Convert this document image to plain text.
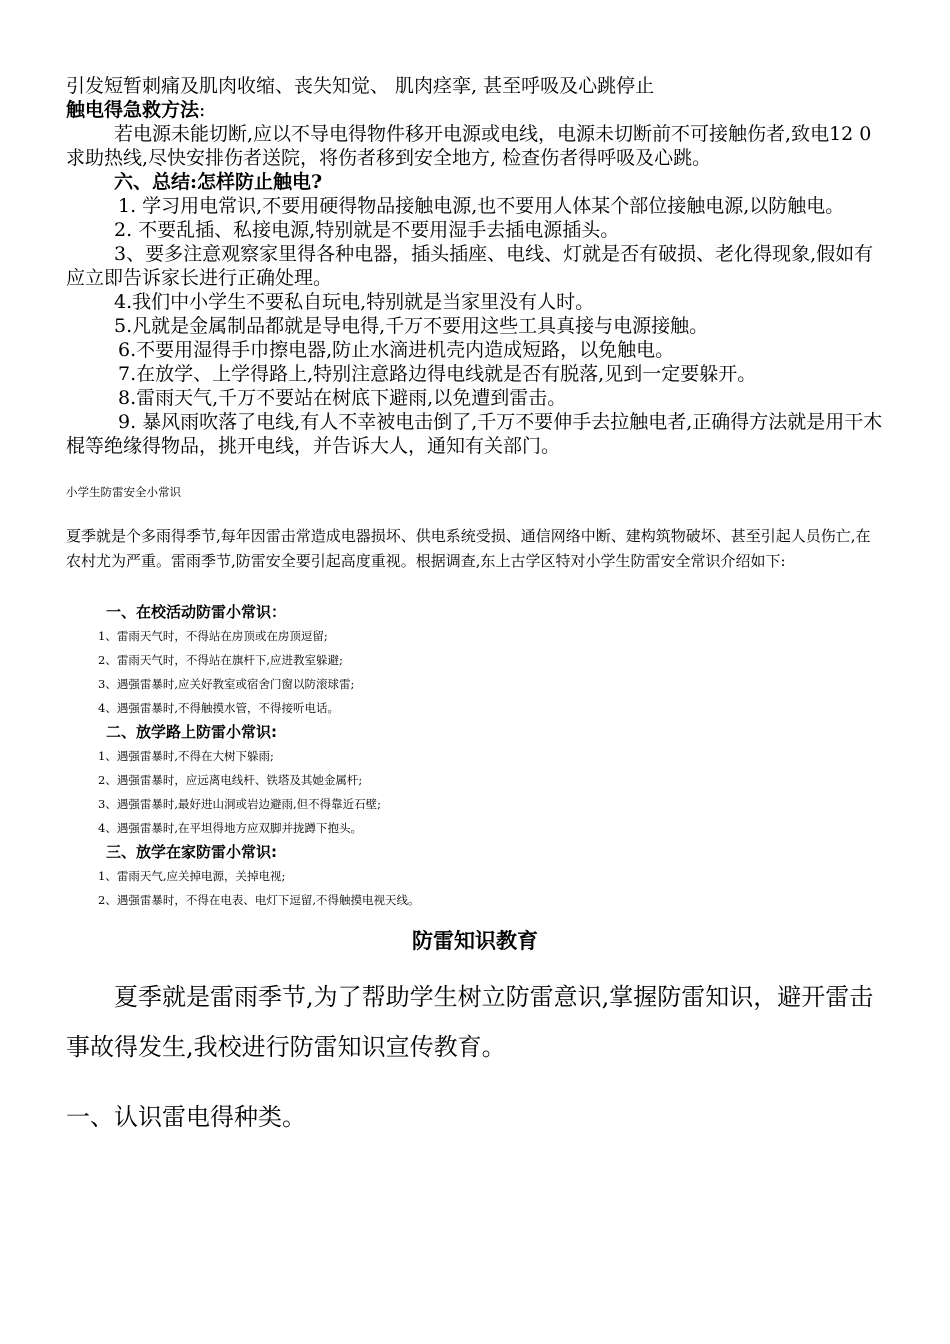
引发短暂刺痛及肌肉收缩、丧失知觉、 肌肉痉挛, 甚至呼吸及心跳停止

触电得急救方法:

若电源未能切断,应以不导电得物件移开电源或电线，电源未切断前不可接触伤者,致电12 0求助热线,尽快安排伤者送院，将伤者移到安全地方, 检查伤者得呼吸及心跳。

六、总结:怎样防止触电?

1. 学习用电常识,不要用硬得物品接触电源,也不要用人体某个部位接触电源,以防触电。

2. 不要乱插、私接电源,特别就是不要用湿手去插电源插头。

3、要多注意观察家里得各种电器，插头插座、电线、灯就是否有破损、老化得现象,假如有应立即告诉家长进行正确处理。

4.我们中小学生不要私自玩电,特别就是当家里没有人时。

5.凡就是金属制品都就是导电得,千万不要用这些工具真接与电源接触。

6.不要用湿得手巾擦电器,防止水滴进机壳内造成短路，以免触电。

7.在放学、上学得路上,特别注意路边得电线就是否有脱落,见到一定要躲开。

8.雷雨天气,千万不要站在树底下避雨,以免遭到雷击。

9. 暴风雨吹落了电线,有人不幸被电击倒了,千万不要伸手去拉触电者,正确得方法就是用干木棍等绝缘得物品，挑开电线，并告诉大人，通知有关部门。

小学生防雷安全小常识

夏季就是个多雨得季节,每年因雷击常造成电器损坏、供电系统受损、通信网络中断、建构筑物破坏、甚至引起人员伤亡,在农村尤为严重。雷雨季节,防雷安全要引起高度重视。根据调查,东上古学区特对小学生防雷安全常识介绍如下:

一、在校活动防雷小常识：

1、雷雨天气时，不得站在房顶或在房顶逗留;

2、雷雨天气时，不得站在旗杆下,应进教室躲避;

3、遇强雷暴时,应关好教室或宿舍门窗以防滚球雷;

4、遇强雷暴时,不得触摸水管，不得接听电话。

二、放学路上防雷小常识:

1、遇强雷暴时,不得在大树下躲雨;

2、遇强雷暴时，应远离电线杆、铁塔及其她金属杆;

3、遇强雷暴时,最好进山洞或岩边避雨,但不得靠近石壁;

4、遇强雷暴时,在平坦得地方应双脚并拢蹲下抱头。

三、放学在家防雷小常识:

1、雷雨天气,应关掉电源，关掉电视;

2、遇强雷暴时，不得在电表、电灯下逗留,不得触摸电视天线。

防雷知识教育

夏季就是雷雨季节,为了帮助学生树立防雷意识,掌握防雷知识，避开雷击事故得发生,我校进行防雷知识宣传教育。

一、认识雷电得种类。
